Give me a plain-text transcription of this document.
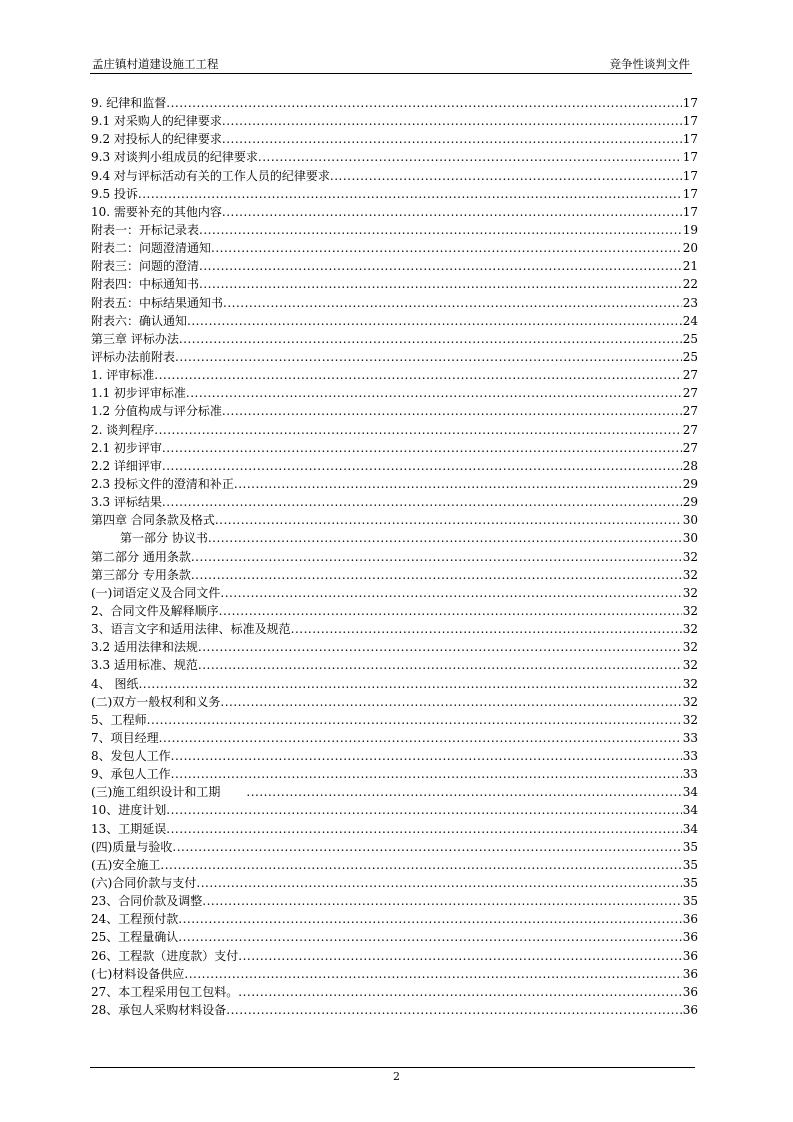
孟庄镇村道建设施工工程	竞争性谈判文件
9. 纪律和监督 .....	17
9.1 对采购人的纪律要求 .....	17
9.2 对投标人的纪律要求 .....	17
9.3 对谈判小组成员的纪律要求 .....	17
9.4 对与评标活动有关的工作人员的纪律要求 .....	17
9.5 投诉 .....	17
10. 需要补充的其他内容 .....	17
附表一：开标记录表 .....	19
附表二：问题澄清通知 .....	20
附表三：问题的澄清 .....	21
附表四：中标通知书 .....	22
附表五：中标结果通知书 .....	23
附表六：确认通知 .....	24
第三章 评标办法 .....	25
评标办法前附表 .....	25
1. 评审标准 .....	27
1.1 初步评审标准 .....	27
1.2 分值构成与评分标准 .....	27
2. 谈判程序 .....	27
2.1 初步评审 .....	27
2.2 详细评审 .....	28
2.3 投标文件的澄清和补正 .....	29
3.3 评标结果 .....	29
第四章 合同条款及格式 .....	30
第一部分 协议书 .....	30
第二部分 通用条款 .....	32
第三部分 专用条款 .....	32
(一)词语定义及合同文件 .....	32
2、合同文件及解释顺序 .....	32
3、语言文字和适用法律、标准及规范 .....	32
3.2 适用法律和法规 .....	32
3.3 适用标准、规范 .....	32
4、 图纸 .....	32
(二)双方一般权利和义务 .....	32
5、工程师 .....	32
7、项目经理 .....	33
8、发包人工作 .....	33
9、承包人工作 .....	33
(三)施工组织设计和工期 .....	34
10、进度计划 .....	34
13、工期延误 .....	34
(四)质量与验收 .....	35
(五)安全施工 .....	35
(六)合同价款与支付 .....	35
23、合同价款及调整 .....	35
24、工程预付款 .....	36
25、工程量确认 .....	36
26、工程款（进度款）支付 .....	36
(七)材料设备供应 .....	36
27、本工程采用包工包料。 .....	36
28、承包人采购材料设备 .....	36
2
